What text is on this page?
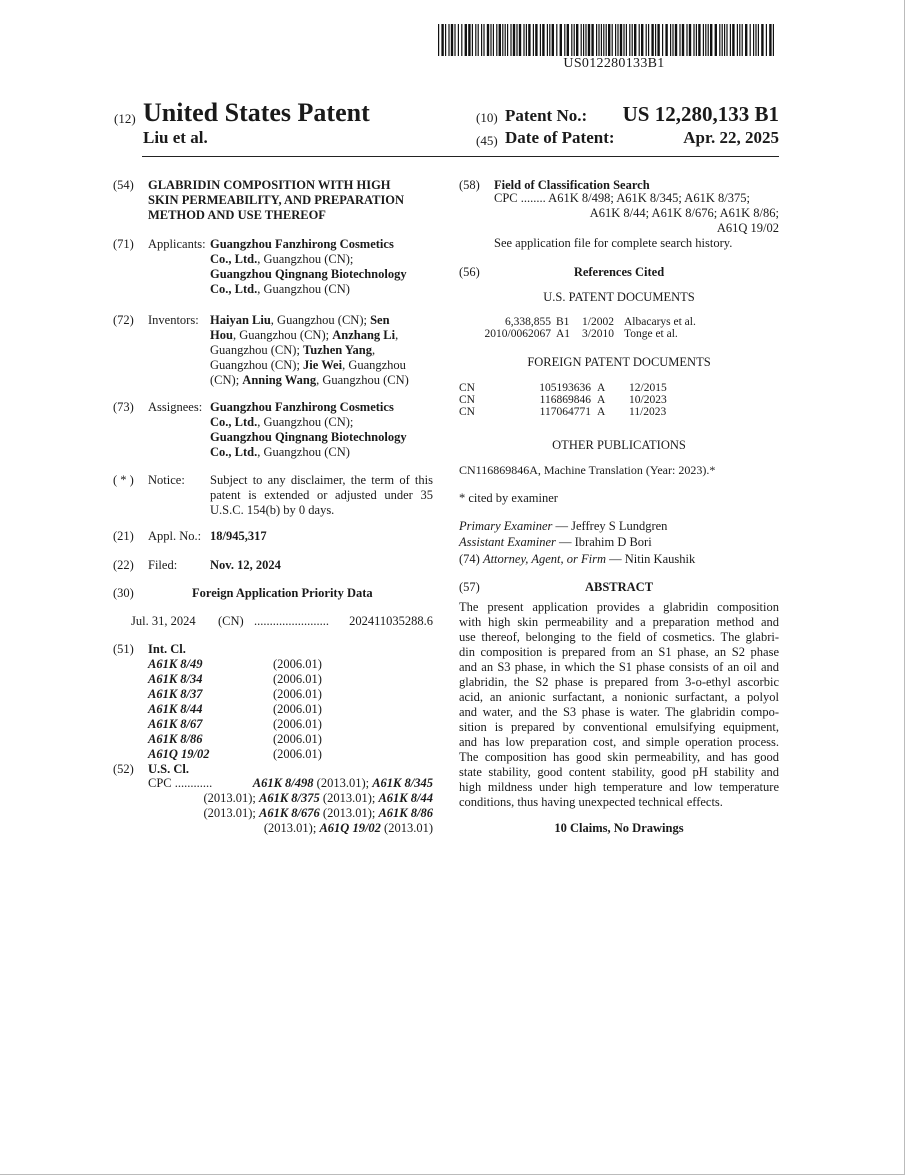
US012280133B1
(12) United States Patent
Liu et al.
(10) Patent No.:	US 12,280,133 B1
(45) Date of Patent:	Apr. 22, 2025
(54) GLABRIDIN COMPOSITION WITH HIGH
SKIN PERMEABILITY, AND PREPARATION
METHOD AND USE THEREOF
(71) Applicants: Guangzhou Fanzhirong Cosmetics
Co., Ltd., Guangzhou (CN);
Guangzhou Qingnang Biotechnology
Co., Ltd., Guangzhou (CN)
(72) Inventors: Haiyan Liu, Guangzhou (CN); Sen
Hou, Guangzhou (CN); Anzhang Li,
Guangzhou (CN); Tuzhen Yang,
Guangzhou (CN); Jie Wei, Guangzhou
(CN); Anning Wang, Guangzhou (CN)
(73) Assignees: Guangzhou Fanzhirong Cosmetics
Co., Ltd., Guangzhou (CN);
Guangzhou Qingnang Biotechnology
Co., Ltd., Guangzhou (CN)
( * ) Notice: Subject to any disclaimer, the term of this
patent is extended or adjusted under 35
U.S.C. 154(b) by 0 days.
(21) Appl. No.: 18/945,317
(22) Filed:	Nov. 12, 2024
(30)	Foreign Application Priority Data
Jul. 31, 2024 (CN) ........................	202411035288.6
(51) Int. Cl.
A61K 8/49	(2006.01)
A61K 8/34	(2006.01)
A61K 8/37	(2006.01)
A61K 8/44	(2006.01)
A61K 8/67	(2006.01)
A61K 8/86	(2006.01)
A61Q 19/02	(2006.01)
(52) U.S. Cl.
CPC ............	A61K 8/498 (2013.01); A61K 8/345
(2013.01); A61K 8/375 (2013.01); A61K 8/44
(2013.01); A61K 8/676 (2013.01); A61K 8/86
(2013.01); A61Q 19/02 (2013.01)
(58) Field of Classification Search
CPC ........ A61K 8/498; A61K 8/345; A61K 8/375;
A61K 8/44; A61K 8/676; A61K 8/86;
A61Q 19/02
See application file for complete search history.
(56)	References Cited
U.S. PATENT DOCUMENTS
6,338,855	B1	1/2002	Albacarys et al.
2010/0062067	A1	3/2010	Tonge et al.
FOREIGN PATENT DOCUMENTS
CN	105193636	A	12/2015
CN	116869846	A	10/2023
CN	117064771	A	11/2023
OTHER PUBLICATIONS
CN116869846A, Machine Translation (Year: 2023).*
* cited by examiner
Primary Examiner — Jeffrey S Lundgren
Assistant Examiner — Ibrahim D Bori
(74) Attorney, Agent, or Firm — Nitin Kaushik
(57)	ABSTRACT
The present application provides a glabridin composition
with high skin permeability and a preparation method and
use thereof, belonging to the field of cosmetics. The glabri-
din composition is prepared from an S1 phase, an S2 phase
and an S3 phase, in which the S1 phase consists of an oil and
glabridin, the S2 phase is prepared from 3-o-ethyl ascorbic
acid, an anionic surfactant, a nonionic surfactant, a polyol
and water, and the S3 phase is water. The glabridin compo-
sition is prepared by conventional emulsifying equipment,
and has low preparation cost, and simple operation process.
The composition has good skin permeability, and has good
state stability, good content stability, good pH stability and
high mildness under high temperature and low temperature
conditions, thus having unexpected technical effects.
10 Claims, No Drawings
